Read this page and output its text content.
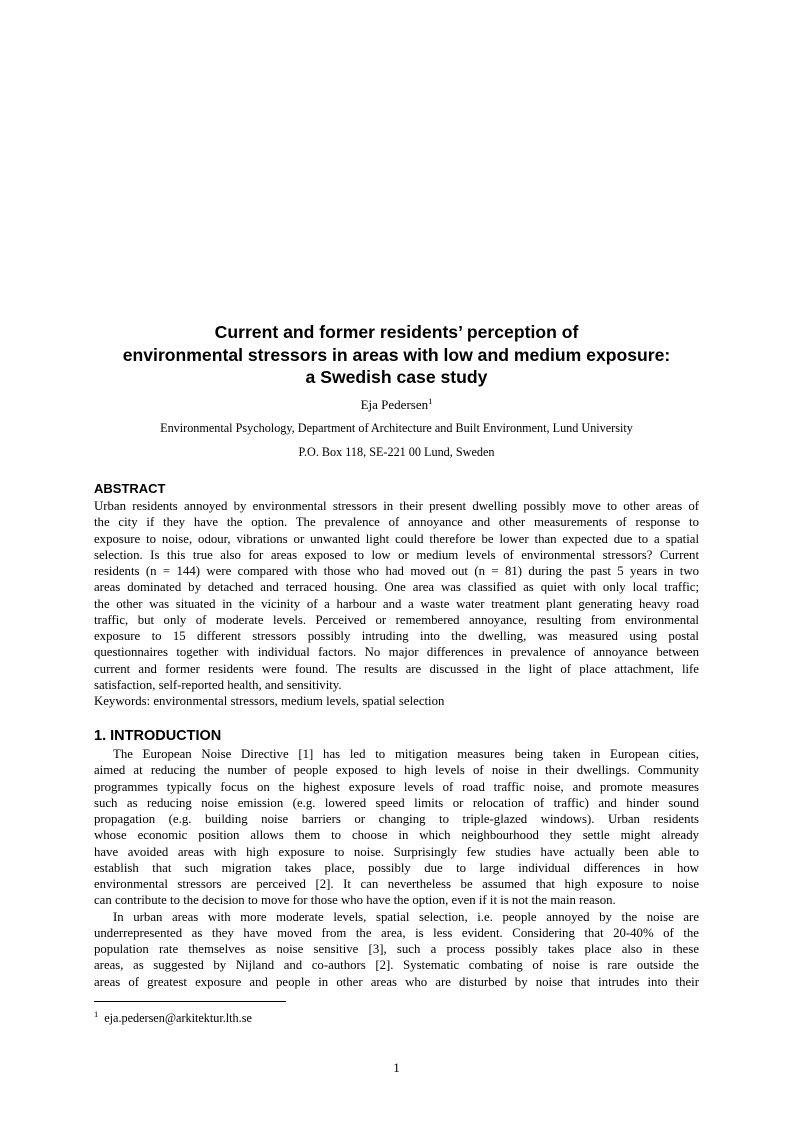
Current and former residents’ perception of
environmental stressors in areas with low and medium exposure:
a Swedish case study
Eja Pedersen$^1$
Environmental Psychology, Department of Architecture and Built Environment, Lund University
P.O. Box 118, SE-221 00 Lund, Sweden
ABSTRACT
Urban residents annoyed by environmental stressors in their present dwelling possibly move to other areas of
the city if they have the option. The prevalence of annoyance and other measurements of response to
exposure to noise, odour, vibrations or unwanted light could therefore be lower than expected due to a spatial
selection. Is this true also for areas exposed to low or medium levels of environmental stressors? Current
residents (n = 144) were compared with those who had moved out (n = 81) during the past 5 years in two
areas dominated by detached and terraced housing. One area was classified as quiet with only local traffic;
the other was situated in the vicinity of a harbour and a waste water treatment plant generating heavy road
traffic, but only of moderate levels. Perceived or remembered annoyance, resulting from environmental
exposure to 15 different stressors possibly intruding into the dwelling, was measured using postal
questionnaires together with individual factors. No major differences in prevalence of annoyance between
current and former residents were found. The results are discussed in the light of place attachment, life
satisfaction, self-reported health, and sensitivity.
Keywords: environmental stressors, medium levels, spatial selection
1. INTRODUCTION
The European Noise Directive [1] has led to mitigation measures being taken in European cities,
aimed at reducing the number of people exposed to high levels of noise in their dwellings. Community
programmes typically focus on the highest exposure levels of road traffic noise, and promote measures
such as reducing noise emission (e.g. lowered speed limits or relocation of traffic) and hinder sound
propagation (e.g. building noise barriers or changing to triple-glazed windows). Urban residents
whose economic position allows them to choose in which neighbourhood they settle might already
have avoided areas with high exposure to noise. Surprisingly few studies have actually been able to
establish that such migration takes place, possibly due to large individual differences in how
environmental stressors are perceived [2]. It can nevertheless be assumed that high exposure to noise
can contribute to the decision to move for those who have the option, even if it is not the main reason.
In urban areas with more moderate levels, spatial selection, i.e. people annoyed by the noise are
underrepresented as they have moved from the area, is less evident. Considering that 20-40% of the
population rate themselves as noise sensitive [3], such a process possibly takes place also in these
areas, as suggested by Nijland and co-authors [2]. Systematic combating of noise is rare outside the
areas of greatest exposure and people in other areas who are disturbed by noise that intrudes into their
$^1$ eja.pedersen@arkitektur.lth.se
1
